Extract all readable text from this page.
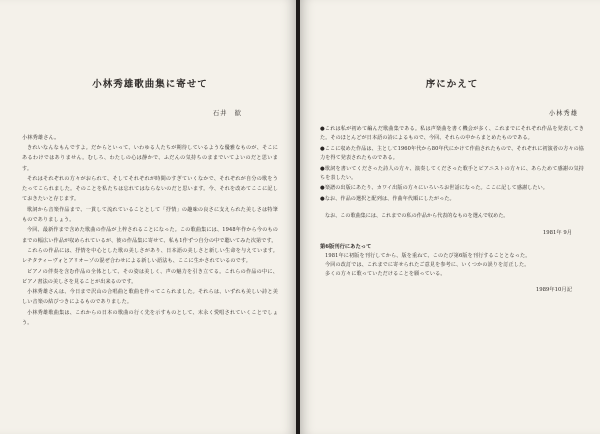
小林秀雄歌曲集に寄せて
石井　歓
小林秀雄さん。

きれいなんなもんですよ。だからといって、いわゆる人たちが期待しているような優雅なものが、そこにあるわけではありません。むしろ、わたしの心は静かで、ふだんの気持ちのままでいてよいのだと思います。

それはそれぞれの方々がおられて、そしてそれぞれが時間のすぎていくなかで、それぞれが自分の歌をうたってこられました。そのことを私たちは忘れてはならないのだと思います。今、それを改めてここに記しておきたいと存じます。

歌詞から音楽作品まで、一貫して流れていることとして「抒情」の趣味の良さに支えられた美しさは特筆ものでありましょう。

今回、最新作まで含めた歌曲の作品が上梓されることになった。この歌曲集には、1948年作から今のものまでの幅広い作品が収められているが、彼の作品集に寄せて、私も1作ずつ自分の中で聴いてみた次第です。

これらの作品には、抒情を中心とした歌の美しさがあり、日本語の美しさと新しい生命を与えています。レチタティーヴォとアリオーゾの混ぜ合わせによる新しい語法も、ここに生かされているのです。

ピアノの伴奏を含む作品の全体として、その姿は美しく、声の魅力を引き立てる。これらの作品の中に、ピアノ書法の美しさを見ることが出来るのです。

小林秀雄さんは、今日まで沢山の合唱曲と歌曲を作ってこられました。それらは、いずれも美しい詩と美しい音楽の結びつきによるものでありました。

小林秀雄歌曲集は、これからの日本の歌曲の行く先を示すものとして、末永く愛唱されていくことでしょう。

序にかえて
小林秀雄
●これは私が初めて編んだ歌曲集である。私は声楽曲を書く機会が多く、これまでにそれぞれ作品を発表してきた。そのほとんどが日本語の詩によるもので、今回、それらの中からまとめたものである。
●ここに収めた作品は、主として1960年代から80年代にかけて作曲されたもので、それぞれに初演者の方々の協力を得て発表されたものである。
●歌詞を書いてくださった詩人の方々、演奏してくださった歌手とピアニストの方々に、あらためて感謝の気持ちを表したい。
●楽譜の出版にあたり、カワイ出版の方々にいろいろお世話になった。ここに記して感謝したい。
●なお、作品の選択と配列は、作曲年代順にしたがった。
なお、この歌曲集には、これまでの私の作品から代表的なものを選んで収めた。
1981年 9月
第6版刊行にあたって

1981年に初版を刊行してから、版を重ねて、このたび第6版を刊行することとなった。

今回の改訂では、これまでに寄せられたご意見を参考に、いくつかの誤りを訂正した。

多くの方々に歌っていただけることを願っている。

1989年10月記
